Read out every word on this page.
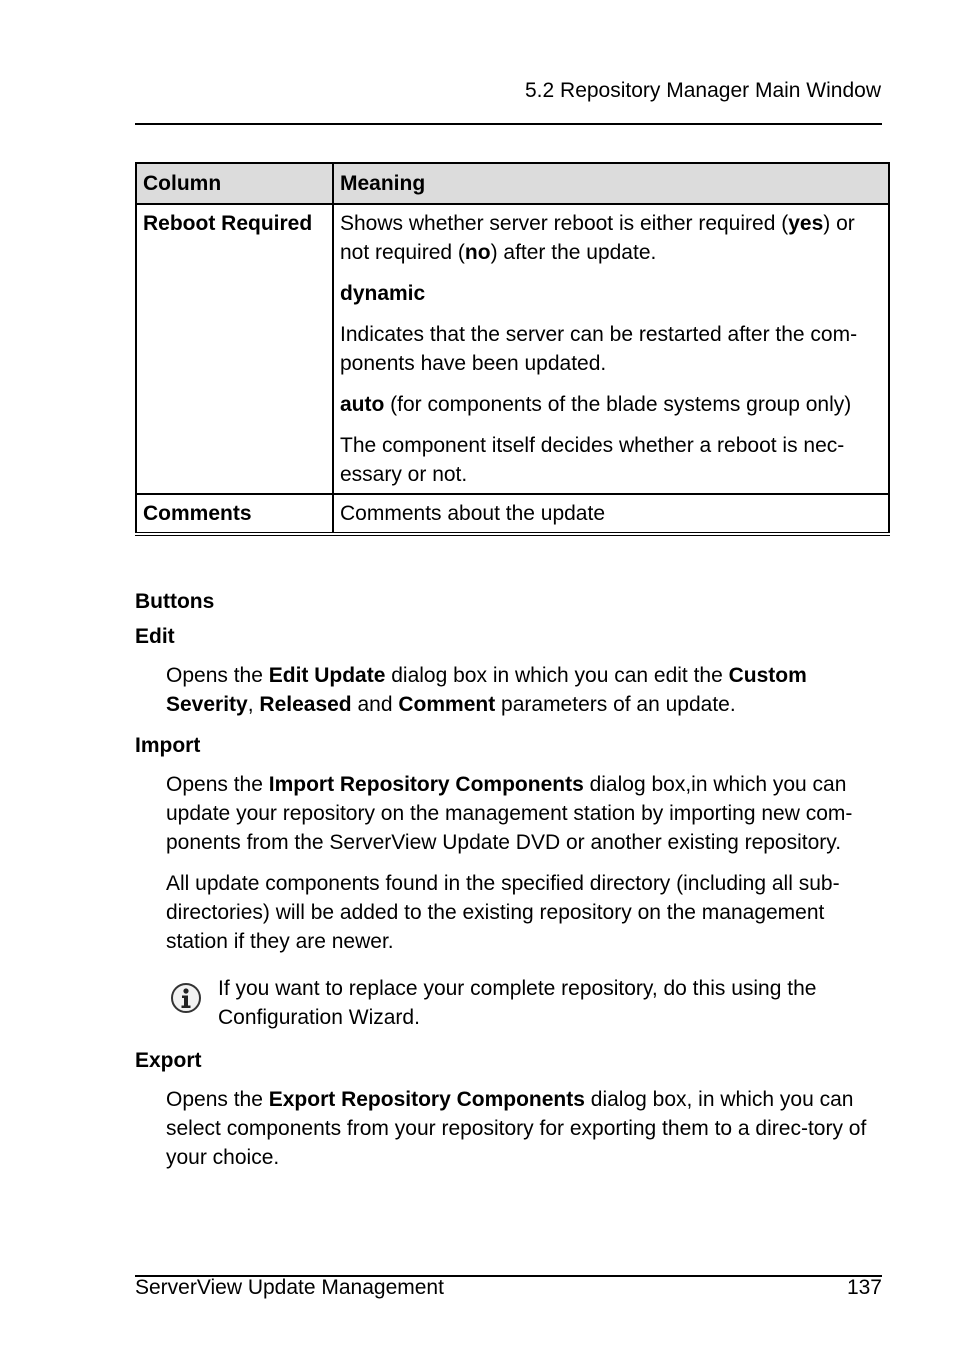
5.2 Repository Manager Main Window
Column	Meaning
Reboot Required	Shows whether server reboot is either required (yes) or not required (no) after the update.

dynamic

Indicates that the server can be restarted after the com-ponents have been updated.

auto (for components of the blade systems group only)

The component itself decides whether a reboot is nec-essary or not.

Comments	Comments about the update

Buttons

Edit

Opens the Edit Update dialog box in which you can edit the Custom Severity, Released and Comment parameters of an update.

Import

Opens the Import Repository Components dialog box,in which you can update your repository on the management station by importing new com-ponents from the ServerView Update DVD or another existing repository.

All update components found in the specified directory (including all sub-directories) will be added to the existing repository on the management station if they are newer.

If you want to replace your complete repository, do this using the Configuration Wizard.

Export

Opens the Export Repository Components dialog box, in which you can select components from your repository for exporting them to a direc-tory of your choice.

ServerView Update Management	137
